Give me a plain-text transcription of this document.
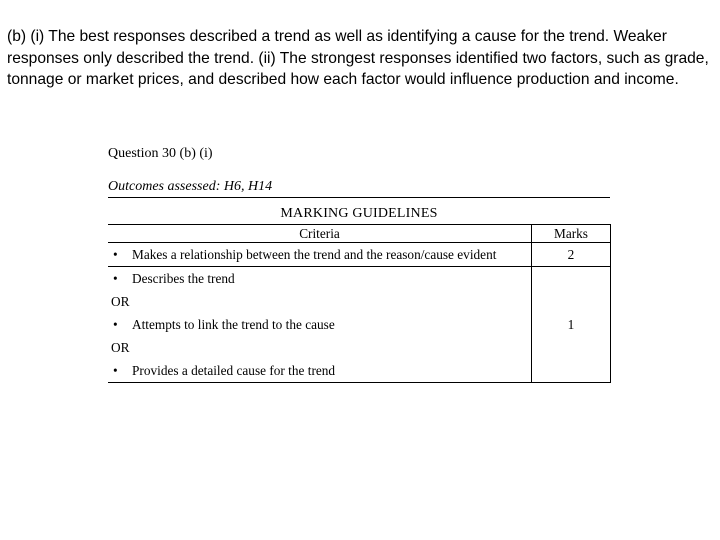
(b) (i) The best responses described a trend as well as identifying a cause for the trend. Weaker responses only described the trend. (ii) The strongest responses identified two factors, such as grade, tonnage or market prices, and described how each factor would influence production and income.

Question 30 (b) (i)
Outcomes assessed: H6, H14
MARKING GUIDELINES
Criteria	Marks

• Makes a relationship between the trend and the reason/cause evident	2

• Describes the trend
OR
• Attempts to link the trend to the cause
OR
• Provides a detailed cause for the trend	1
